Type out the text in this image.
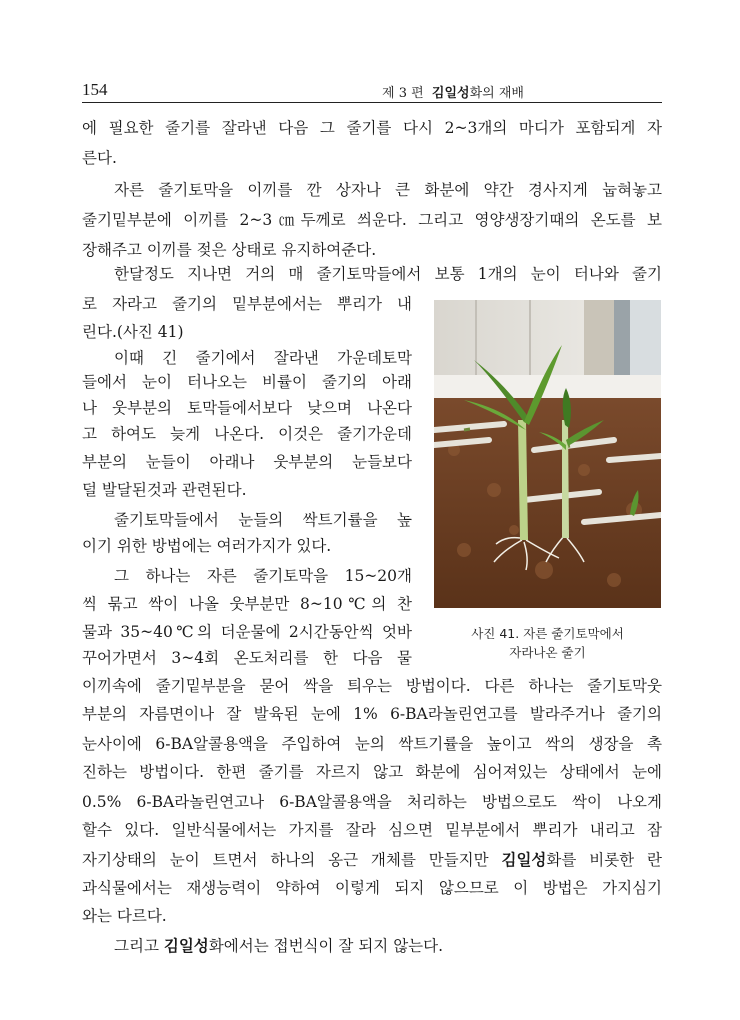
154	제 3 편 김일성화의 재배
에 필요한 줄기를 잘라낸 다음 그 줄기를 다시 2~3개의 마디가 포함되게 자
른다.
자른 줄기토막을 이끼를 깐 상자나 큰 화분에 약간 경사지게 눕혀놓고
줄기밑부분에 이끼를 2~3㎝두께로 씌운다. 그리고 영양생장기때의 온도를 보
장해주고 이끼를 젖은 상태로 유지하여준다.
한달정도 지나면 거의 매 줄기토막들에서 보통 1개의 눈이 터나와 줄기
로 자라고 줄기의 밑부분에서는 뿌리가 내
린다.(사진 41)
이때 긴 줄기에서 잘라낸 가운데토막
들에서 눈이 터나오는 비률이 줄기의 아래
나 웃부분의 토막들에서보다 낮으며 나온다
고 하여도 늦게 나온다. 이것은 줄기가운데
부분의 눈들이 아래나 웃부분의 눈들보다
덜 발달된것과 관련된다.
줄기토막들에서 눈들의 싹트기률을 높
이기 위한 방법에는 여러가지가 있다.
그 하나는 자른 줄기토막을 15~20개
씩 묶고 싹이 나올 웃부분만 8~10℃의 찬
물과 35~40℃의 더운물에 2시간동안씩 엇바
꾸어가면서 3~4회 온도처리를 한 다음 물
이끼속에 줄기밑부분을 묻어 싹을 틔우는 방법이다. 다른 하나는 줄기토막웃
부분의 자름면이나 잘 발육된 눈에 1% 6-BA라놀린연고를 발라주거나 줄기의
눈사이에 6-BA알콜용액을 주입하여 눈의 싹트기률을 높이고 싹의 생장을 촉
진하는 방법이다. 한편 줄기를 자르지 않고 화분에 심어져있는 상태에서 눈에
0.5% 6-BA라놀린연고나 6-BA알콜용액을 처리하는 방법으로도 싹이 나오게
할수 있다. 일반식물에서는 가지를 잘라 심으면 밑부분에서 뿌리가 내리고 잠
자기상태의 눈이 트면서 하나의 옹근 개체를 만들지만 김일성화를 비롯한 란
과식물에서는 재생능력이 약하여 이렇게 되지 않으므로 이 방법은 가지심기
와는 다르다.
그리고 김일성화에서는 접번식이 잘 되지 않는다.
사진 41. 자른 줄기토막에서
자라나온 줄기
